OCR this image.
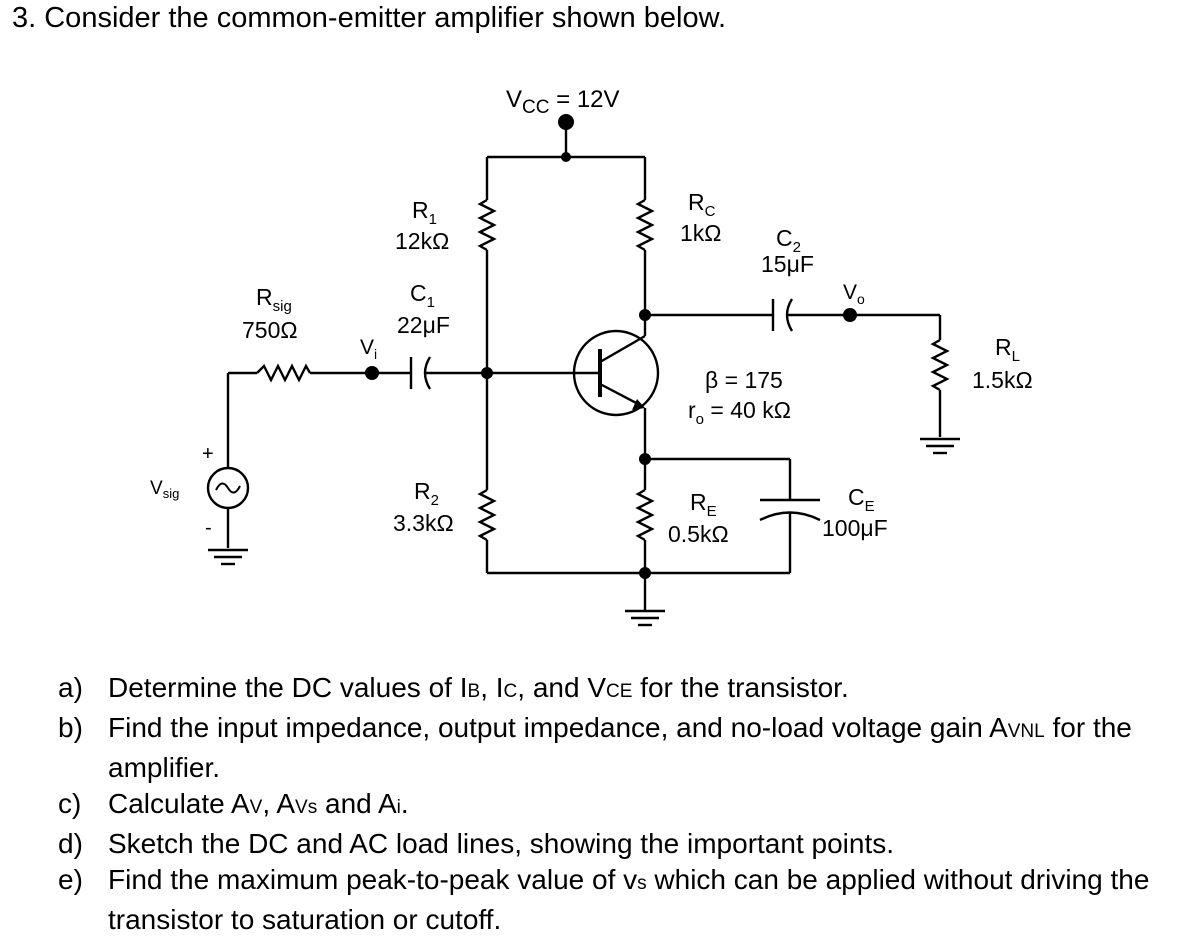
3. Consider the common-emitter amplifier shown below.
$V_{CC} = 12V$
$R_1$
12kΩ
$R_2$
3.3kΩ
$C_1$
22μF
$V_i$
$R_{sig}$
750Ω
+
-
$V_{sig}$
β = 175
$r_o = 40$ kΩ
$R_C$
1kΩ $C_2$
15μF
$V_o$
$R_L$
1.5kΩ
$R_E$
0.5kΩ
$C_E$
100μF
a) Determine the DC values of IB, IC, and VCE for the transistor.
b) Find the input impedance, output impedance, and no-load voltage gain AVNL for the amplifier.
c) Calculate AV, AVs and Ai.
d) Sketch the DC and AC load lines, showing the important points.
e) Find the maximum peak-to-peak value of vs which can be applied without driving the transistor to saturation or cutoff.
